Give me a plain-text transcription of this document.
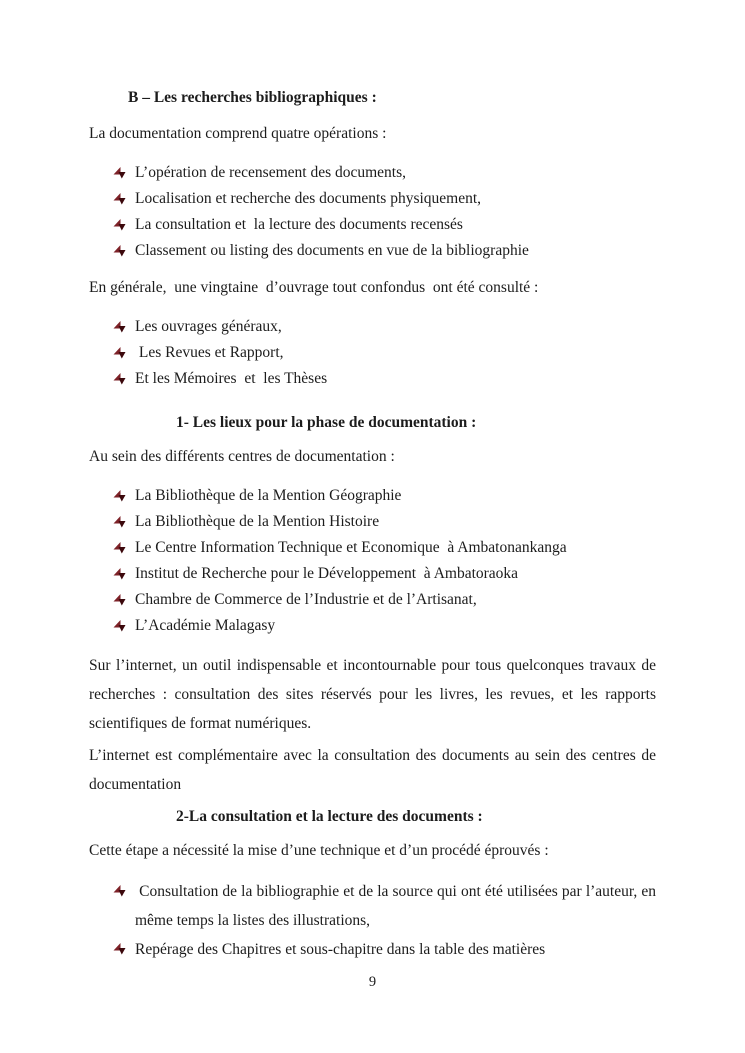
B – Les recherches bibliographiques :
La documentation comprend quatre opérations :
L’opération de recensement des documents,
Localisation et recherche des documents physiquement,
La consultation et  la lecture des documents recensés
Classement ou listing des documents en vue de la bibliographie
En générale,  une vingtaine  d’ouvrage tout confondus  ont été consulté :
Les ouvrages généraux,
Les Revues et Rapport,
Et les Mémoires  et  les Thèses
1- Les lieux pour la phase de documentation :
Au sein des différents centres de documentation :
La Bibliothèque de la Mention Géographie
La Bibliothèque de la Mention Histoire
Le Centre Information Technique et Economique  à Ambatonankanga
Institut de Recherche pour le Développement  à Ambatoraoka
Chambre de Commerce de l’Industrie et de l’Artisanat,
L’Académie Malagasy
Sur l’internet, un outil indispensable et incontournable pour tous quelconques travaux de recherches : consultation des sites réservés pour les livres, les revues, et les rapports scientifiques de format numériques.
L’internet est complémentaire avec la consultation des documents au sein des centres de documentation
2-La consultation et la lecture des documents :
Cette étape a nécessité la mise d’une technique et d’un procédé éprouvés :
Consultation de la bibliographie et de la source qui ont été utilisées par l’auteur, en même temps la listes des illustrations,
Repérage des Chapitres et sous-chapitre dans la table des matières
9
